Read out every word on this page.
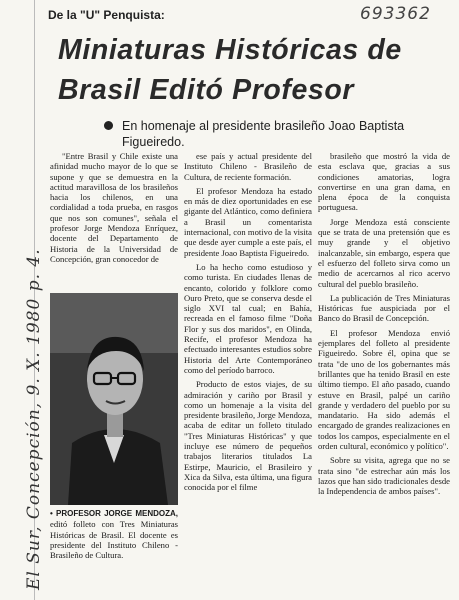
El Sur, Concepción, 9. X. 1980 p. 4.
De la "U" Penquista:	693362
Miniaturas Históricas de Brasil Editó Profesor
En homenaje al presidente brasileño Joao Baptista Figueiredo.

"Entre Brasil y Chile existe una afinidad mucho mayor de lo que se supone y que se demuestra en la actitud maravillosa de los brasileños hacia los chilenos, en una cordialidad a toda prueba, en rasgos que nos son comunes", señala el profesor Jorge Mendoza Enríquez, docente del Departamento de Historia de la Universidad de Concepción, gran conocedor de

• PROFESOR JORGE MENDOZA, editó folleto con Tres Miniaturas Históricas de Brasil. El docente es presidente del Instituto Chileno - Brasileño de Cultura.

ese país y actual presidente del Instituto Chileno - Brasileño de Cultura, de reciente formación.

El profesor Mendoza ha estado en más de diez oportunidades en ese gigante del Atlántico, como definiera a Brasil un comentarista internacional, con motivo de la visita que desde ayer cumple a este país, el presidente Joao Baptista Figueiredo.

Lo ha hecho como estudioso y como turista. En ciudades llenas de encanto, colorido y folklore como Ouro Preto, que se conserva desde el siglo XVI tal cual; en Bahía, recreada en el famoso filme "Doña Flor y sus dos maridos", en Olinda, Recife, el profesor Mendoza ha efectuado interesantes estudios sobre Historia del Arte Contemporáneo como del período barroco.

Producto de estos viajes, de su admiración y cariño por Brasil y como un homenaje a la visita del presidente brasileño, Jorge Mendoza, acaba de editar un folleto titulado "Tres Miniaturas Históricas" y que incluye ese número de pequeños trabajos literarios titulados La Estirpe, Mauricio, el Brasileiro y Xica da Silva, esta última, una figura conocida por el filme

brasileño que mostró la vida de esta esclava que, gracias a sus condiciones amatorias, logra convertirse en una gran dama, en plena época de la conquista portuguesa.

Jorge Mendoza está consciente que se trata de una pretensión que es muy grande y el objetivo inalcanzable, sin embargo, espera que el esfuerzo del folleto sirva como un medio de acercarnos al rico acervo cultural del pueblo brasileño.

La publicación de Tres Miniaturas Históricas fue auspiciada por el Banco do Brasil de Concepción.

El profesor Mendoza envió ejemplares del folleto al presidente Figueiredo. Sobre él, opina que se trata "de uno de los gobernantes más brillantes que ha tenido Brasil en este último tiempo. El año pasado, cuando estuve en Brasil, palpé un cariño grande y verdadero del pueblo por su mandatario. Ha sido además el encargado de grandes realizaciones en todos los campos, especialmente en el orden cultural, económico y político".

Sobre su visita, agrega que no se trata sino "de estrechar aún más los lazos que han sido tradicionales desde la Independencia de ambos países".
